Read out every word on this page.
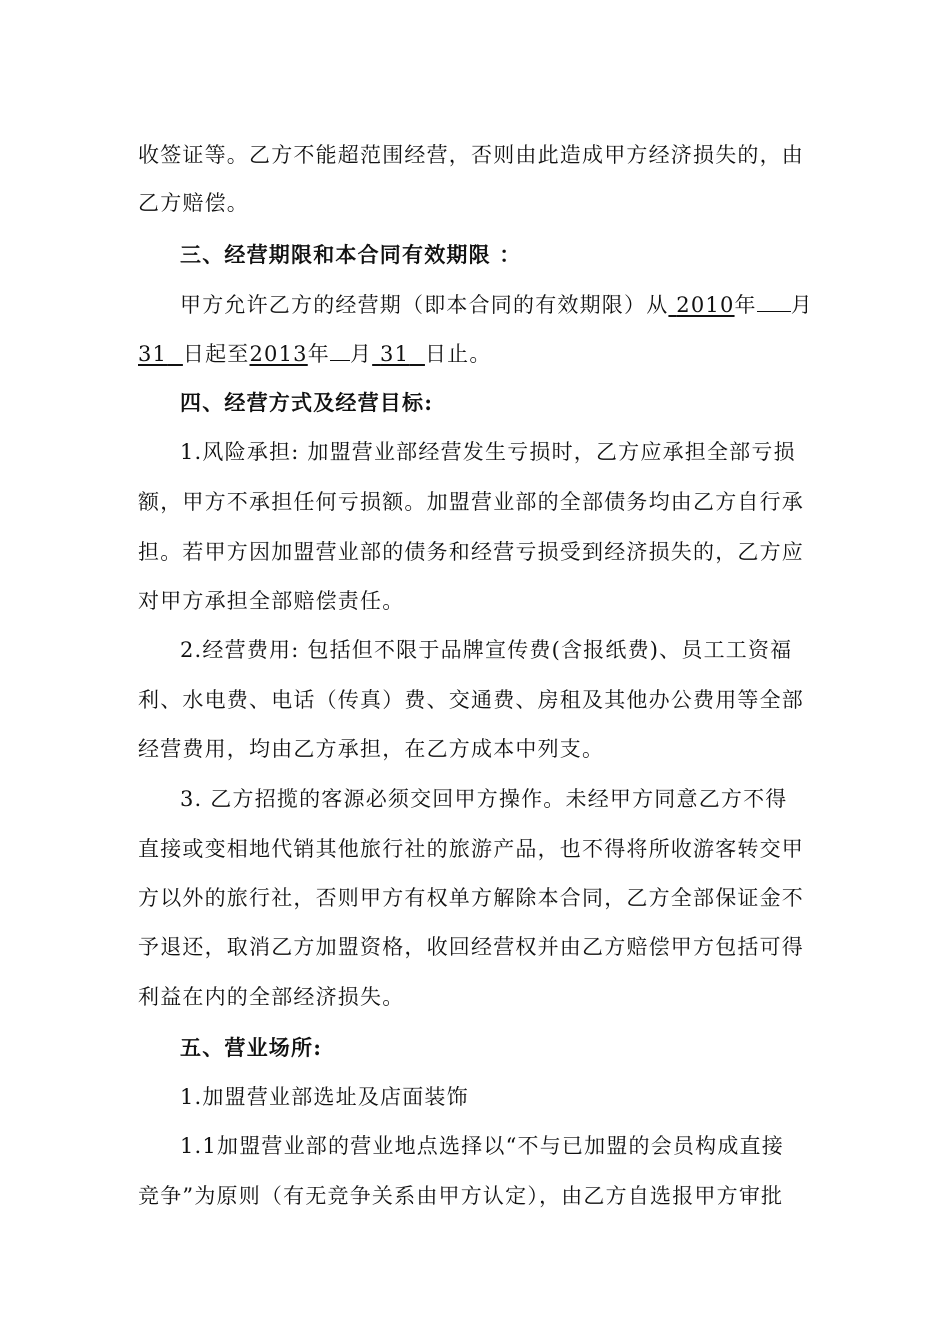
收签证等。乙方不能超范围经营，否则由此造成甲方经济损失的，由
乙方赔偿。
三、经营期限和本合同有效期限 ：
甲方允许乙方的经营期（即本合同的有效期限）从 2010年 月
31 日起至2013年 月 31 日止。
四、经营方式及经营目标:
1.风险承担: 加盟营业部经营发生亏损时，乙方应承担全部亏损
额，甲方不承担任何亏损额。加盟营业部的全部债务均由乙方自行承
担。若甲方因加盟营业部的债务和经营亏损受到经济损失的，乙方应
对甲方承担全部赔偿责任。
2.经营费用: 包括但不限于品牌宣传费(含报纸费)、员工工资福
利、水电费、电话（传真）费、交通费、房租及其他办公费用等全部
经营费用，均由乙方承担，在乙方成本中列支。
3. 乙方招揽的客源必须交回甲方操作。未经甲方同意乙方不得
直接或变相地代销其他旅行社的旅游产品，也不得将所收游客转交甲
方以外的旅行社，否则甲方有权单方解除本合同，乙方全部保证金不
予退还，取消乙方加盟资格，收回经营权并由乙方赔偿甲方包括可得
利益在内的全部经济损失。
五、营业场所:
1.加盟营业部选址及店面装饰
1.1加盟营业部的营业地点选择以“不与已加盟的会员构成直接
竞争”为原则（有无竞争关系由甲方认定），由乙方自选报甲方审批
